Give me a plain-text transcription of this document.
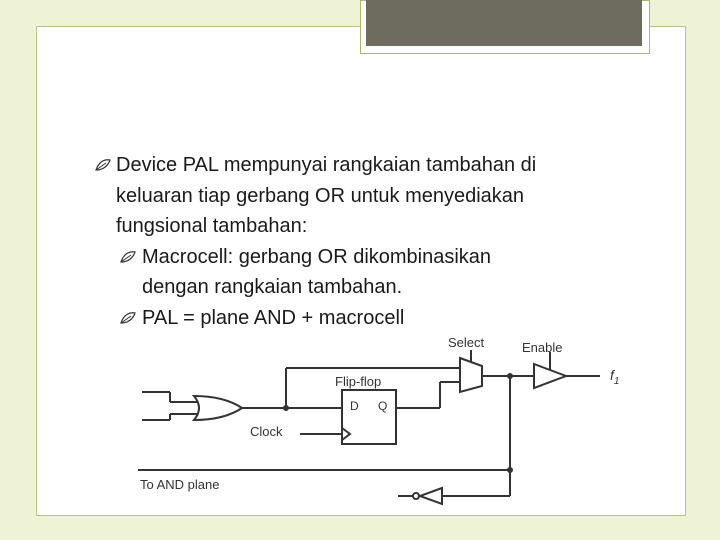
Device PAL mempunyai rangkaian tambahan di
keluaran tiap gerbang OR untuk menyediakan
fungsional tambahan:
Macrocell: gerbang OR dikombinasikan
dengan rangkaian tambahan.
PAL = plane AND + macrocell
Select	Enable
Flip-flop
D Q
Clock
$f_1$
To AND plane
